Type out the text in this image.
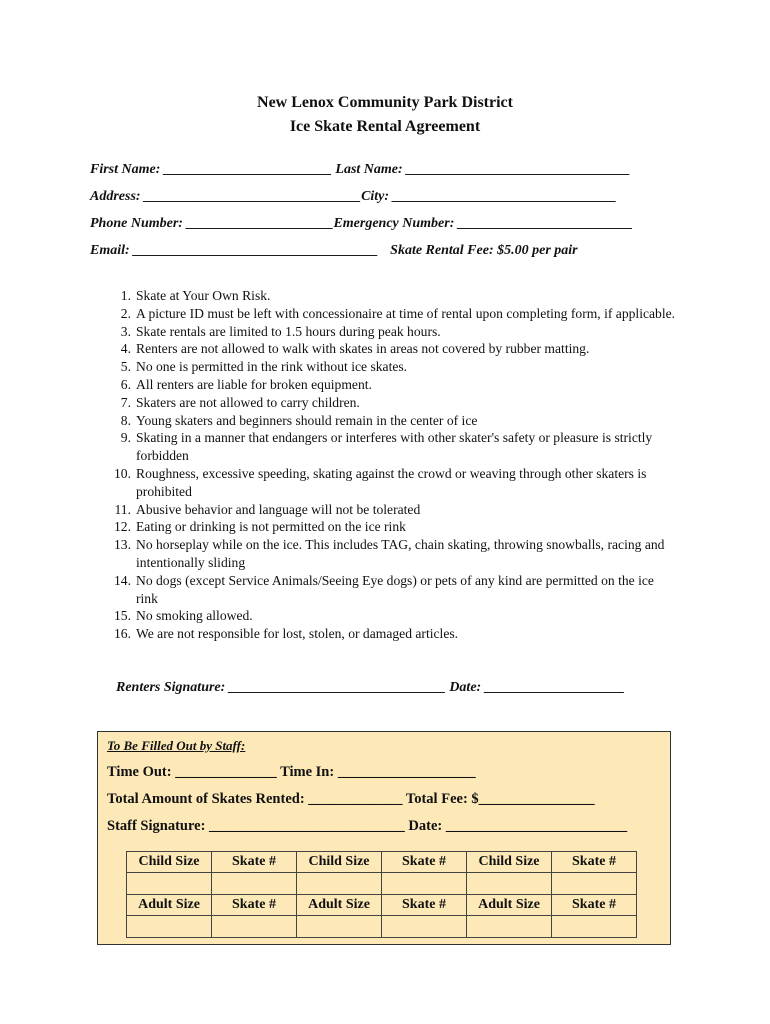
New Lenox Community Park District
Ice Skate Rental Agreement
First Name: ________________________ Last Name: ________________________________
Address: _______________________________City: ________________________________
Phone Number: _____________________Emergency Number: _________________________
Email: ___________________________________ Skate Rental Fee: $5.00 per pair
1. Skate at Your Own Risk.
2. A picture ID must be left with concessionaire at time of rental upon completing form, if applicable.
3. Skate rentals are limited to 1.5 hours during peak hours.
4. Renters are not allowed to walk with skates in areas not covered by rubber matting.
5. No one is permitted in the rink without ice skates.
6. All renters are liable for broken equipment.
7. Skaters are not allowed to carry children.
8. Young skaters and beginners should remain in the center of ice
9. Skating in a manner that endangers or interferes with other skater's safety or pleasure is strictly forbidden
10. Roughness, excessive speeding, skating against the crowd or weaving through other skaters is prohibited
11. Abusive behavior and language will not be tolerated
12. Eating or drinking is not permitted on the ice rink
13. No horseplay while on the ice. This includes TAG, chain skating, throwing snowballs, racing and intentionally sliding
14. No dogs (except Service Animals/Seeing Eye dogs) or pets of any kind are permitted on the ice rink
15. No smoking allowed.
16. We are not responsible for lost, stolen, or damaged articles.
Renters Signature: _______________________________ Date: ____________________
To Be Filled Out by Staff:
Time Out: ______________ Time In: ___________________
Total Amount of Skates Rented: _____________ Total Fee: $________________
Staff Signature: ___________________________ Date: _________________________
Child Size	Skate #	Child Size	Skate #	Child Size	Skate #

Adult Size	Skate #	Adult Size	Skate #	Adult Size	Skate #
